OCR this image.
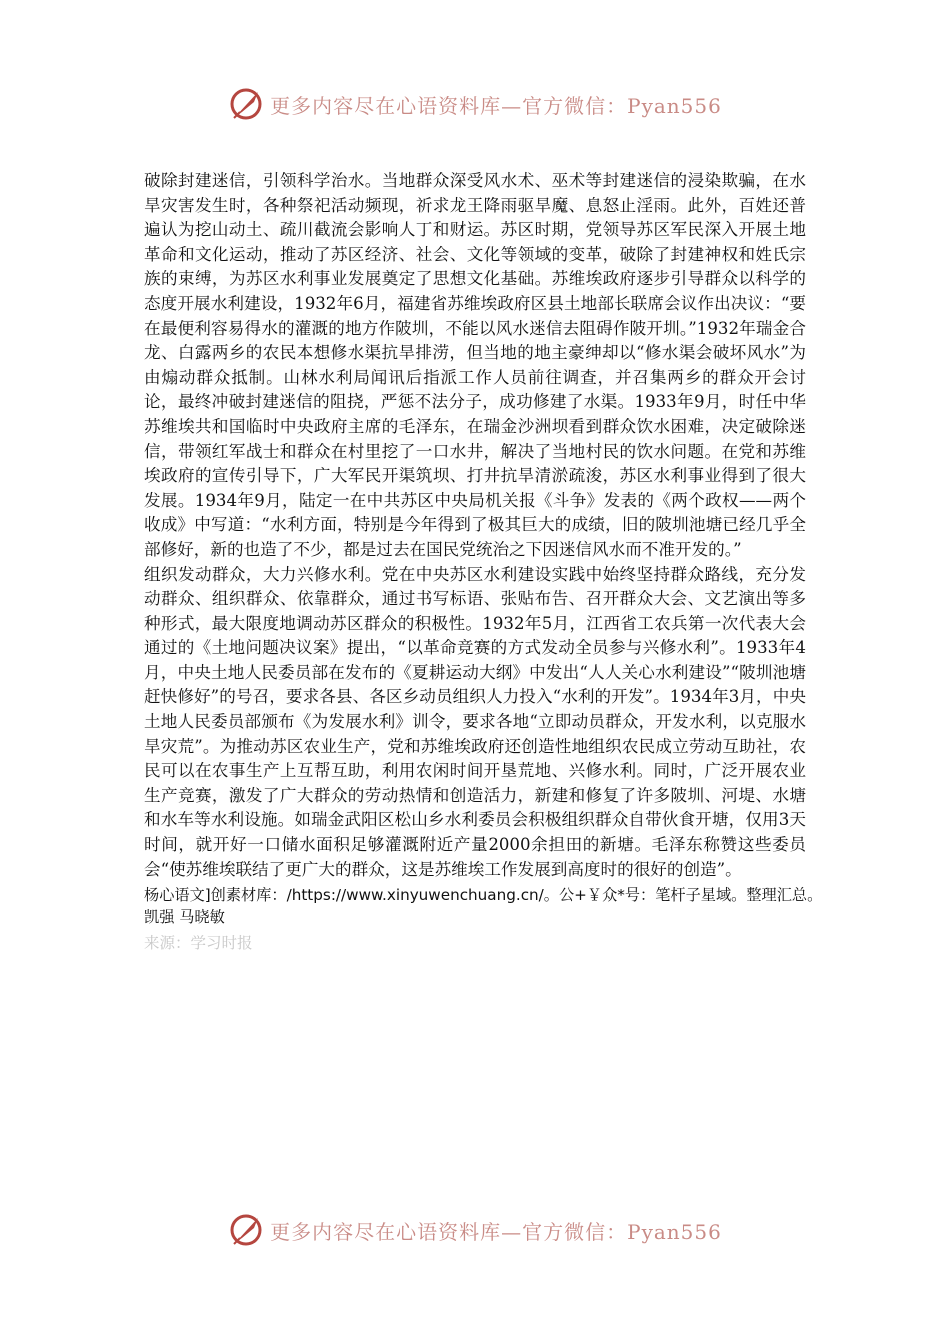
更多内容尽在心语资料库—官方微信：Pyan556

破除封建迷信，引领科学治水。当地群众深受风水术、巫术等封建迷信的浸染欺骗，在水旱灾害发生时，各种祭祀活动频现，祈求龙王降雨驱旱魔、息怒止淫雨。此外，百姓还普遍认为挖山动土、疏川截流会影响人丁和财运。苏区时期，党领导苏区军民深入开展土地革命和文化运动，推动了苏区经济、社会、文化等领域的变革，破除了封建神权和姓氏宗族的束缚，为苏区水利事业发展奠定了思想文化基础。苏维埃政府逐步引导群众以科学的态度开展水利建设，1932年6月，福建省苏维埃政府区县土地部长联席会议作出决议：“要在最便利容易得水的灌溉的地方作陂圳，不能以风水迷信去阻碍作陂开圳。”1932年瑞金合龙、白露两乡的农民本想修水渠抗旱排涝，但当地的地主豪绅却以“修水渠会破坏风水”为由煽动群众抵制。山林水利局闻讯后指派工作人员前往调查，并召集两乡的群众开会讨论，最终冲破封建迷信的阻挠，严惩不法分子，成功修建了水渠。1933年9月，时任中华苏维埃共和国临时中央政府主席的毛泽东，在瑞金沙洲坝看到群众饮水困难，决定破除迷信，带领红军战士和群众在村里挖了一口水井，解决了当地村民的饮水问题。在党和苏维埃政府的宣传引导下，广大军民开渠筑坝、打井抗旱清淤疏浚，苏区水利事业得到了很大发展。1934年9月，陆定一在中共苏区中央局机关报《斗争》发表的《两个政权——两个收成》中写道：“水利方面，特别是今年得到了极其巨大的成绩，旧的陂圳池塘已经几乎全部修好，新的也造了不少，都是过去在国民党统治之下因迷信风水而不准开发的。”

组织发动群众，大力兴修水利。党在中央苏区水利建设实践中始终坚持群众路线，充分发动群众、组织群众、依靠群众，通过书写标语、张贴布告、召开群众大会、文艺演出等多种形式，最大限度地调动苏区群众的积极性。1932年5月，江西省工农兵第一次代表大会通过的《土地问题决议案》提出，“以革命竞赛的方式发动全员参与兴修水利”。1933年4月，中央土地人民委员部在发布的《夏耕运动大纲》中发出“人人关心水利建设”“陂圳池塘赶快修好”的号召，要求各县、各区乡动员组织人力投入“水利的开发”。1934年3月，中央土地人民委员部颁布《为发展水利》训令，要求各地“立即动员群众，开发水利，以克服水旱灾荒”。为推动苏区农业生产，党和苏维埃政府还创造性地组织农民成立劳动互助社，农民可以在农事生产上互帮互助，利用农闲时间开垦荒地、兴修水利。同时，广泛开展农业生产竞赛，激发了广大群众的劳动热情和创造活力，新建和修复了许多陂圳、河堤、水塘和水车等水利设施。如瑞金武阳区松山乡水利委员会积极组织群众自带伙食开塘，仅用3天时间，就开好一口储水面积足够灌溉附近产量2000余担田的新塘。毛泽东称赞这些委员会“使苏维埃联结了更广大的群众，这是苏维埃工作发展到高度时的很好的创造”。

杨心语文]创素材库：/https://www.xinyuwenchuang.cn/。公+￥众*号：笔杆子星域。整理汇总。凯强 马晓敏

来源：学习时报

更多内容尽在心语资料库—官方微信：Pyan556
